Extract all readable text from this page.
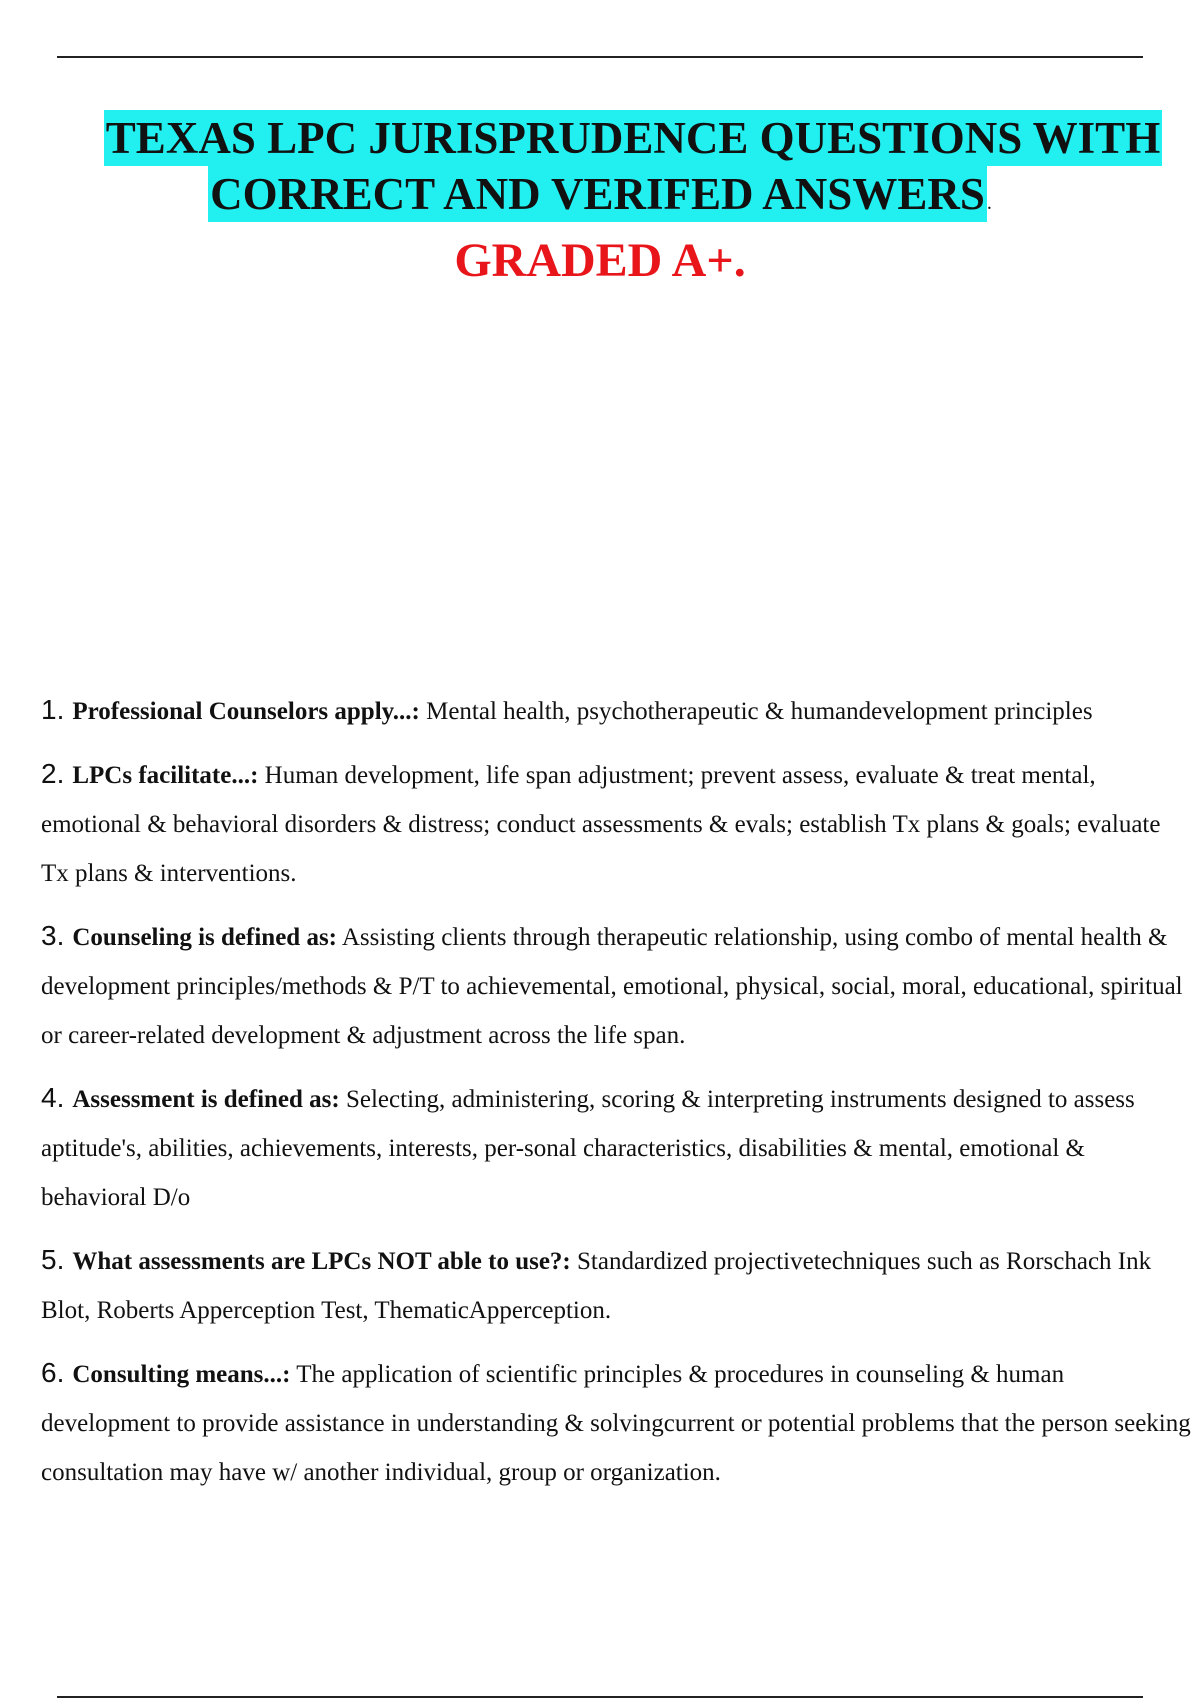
TEXAS LPC JURISPRUDENCE QUESTIONS WITH
CORRECT AND VERIFED ANSWERS .
GRADED A+.
1. Professional Counselors apply...: Mental health, psychotherapeutic & humandevelopment principles
2. LPCs facilitate...: Human development, life span adjustment; prevent assess, evaluate & treat mental, emotional & behavioral disorders & distress; conduct assessments & evals; establish Tx plans & goals; evaluate Tx plans & interventions.
3. Counseling is defined as: Assisting clients through therapeutic relationship, using combo of mental health & development principles/methods & P/T to achievemental, emotional, physical, social, moral, educational, spiritual or career-related development & adjustment across the life span.
4. Assessment is defined as: Selecting, administering, scoring & interpreting instruments designed to assess aptitude's, abilities, achievements, interests, per-sonal characteristics, disabilities & mental, emotional & behavioral D/o
5. What assessments are LPCs NOT able to use?: Standardized projectivetechniques such as Rorschach Ink Blot, Roberts Apperception Test, ThematicApperception.
6. Consulting means...: The application of scientific principles & procedures in counseling & human development to provide assistance in understanding & solvingcurrent or potential problems that the person seeking consultation may have w/ another individual, group or organization.
